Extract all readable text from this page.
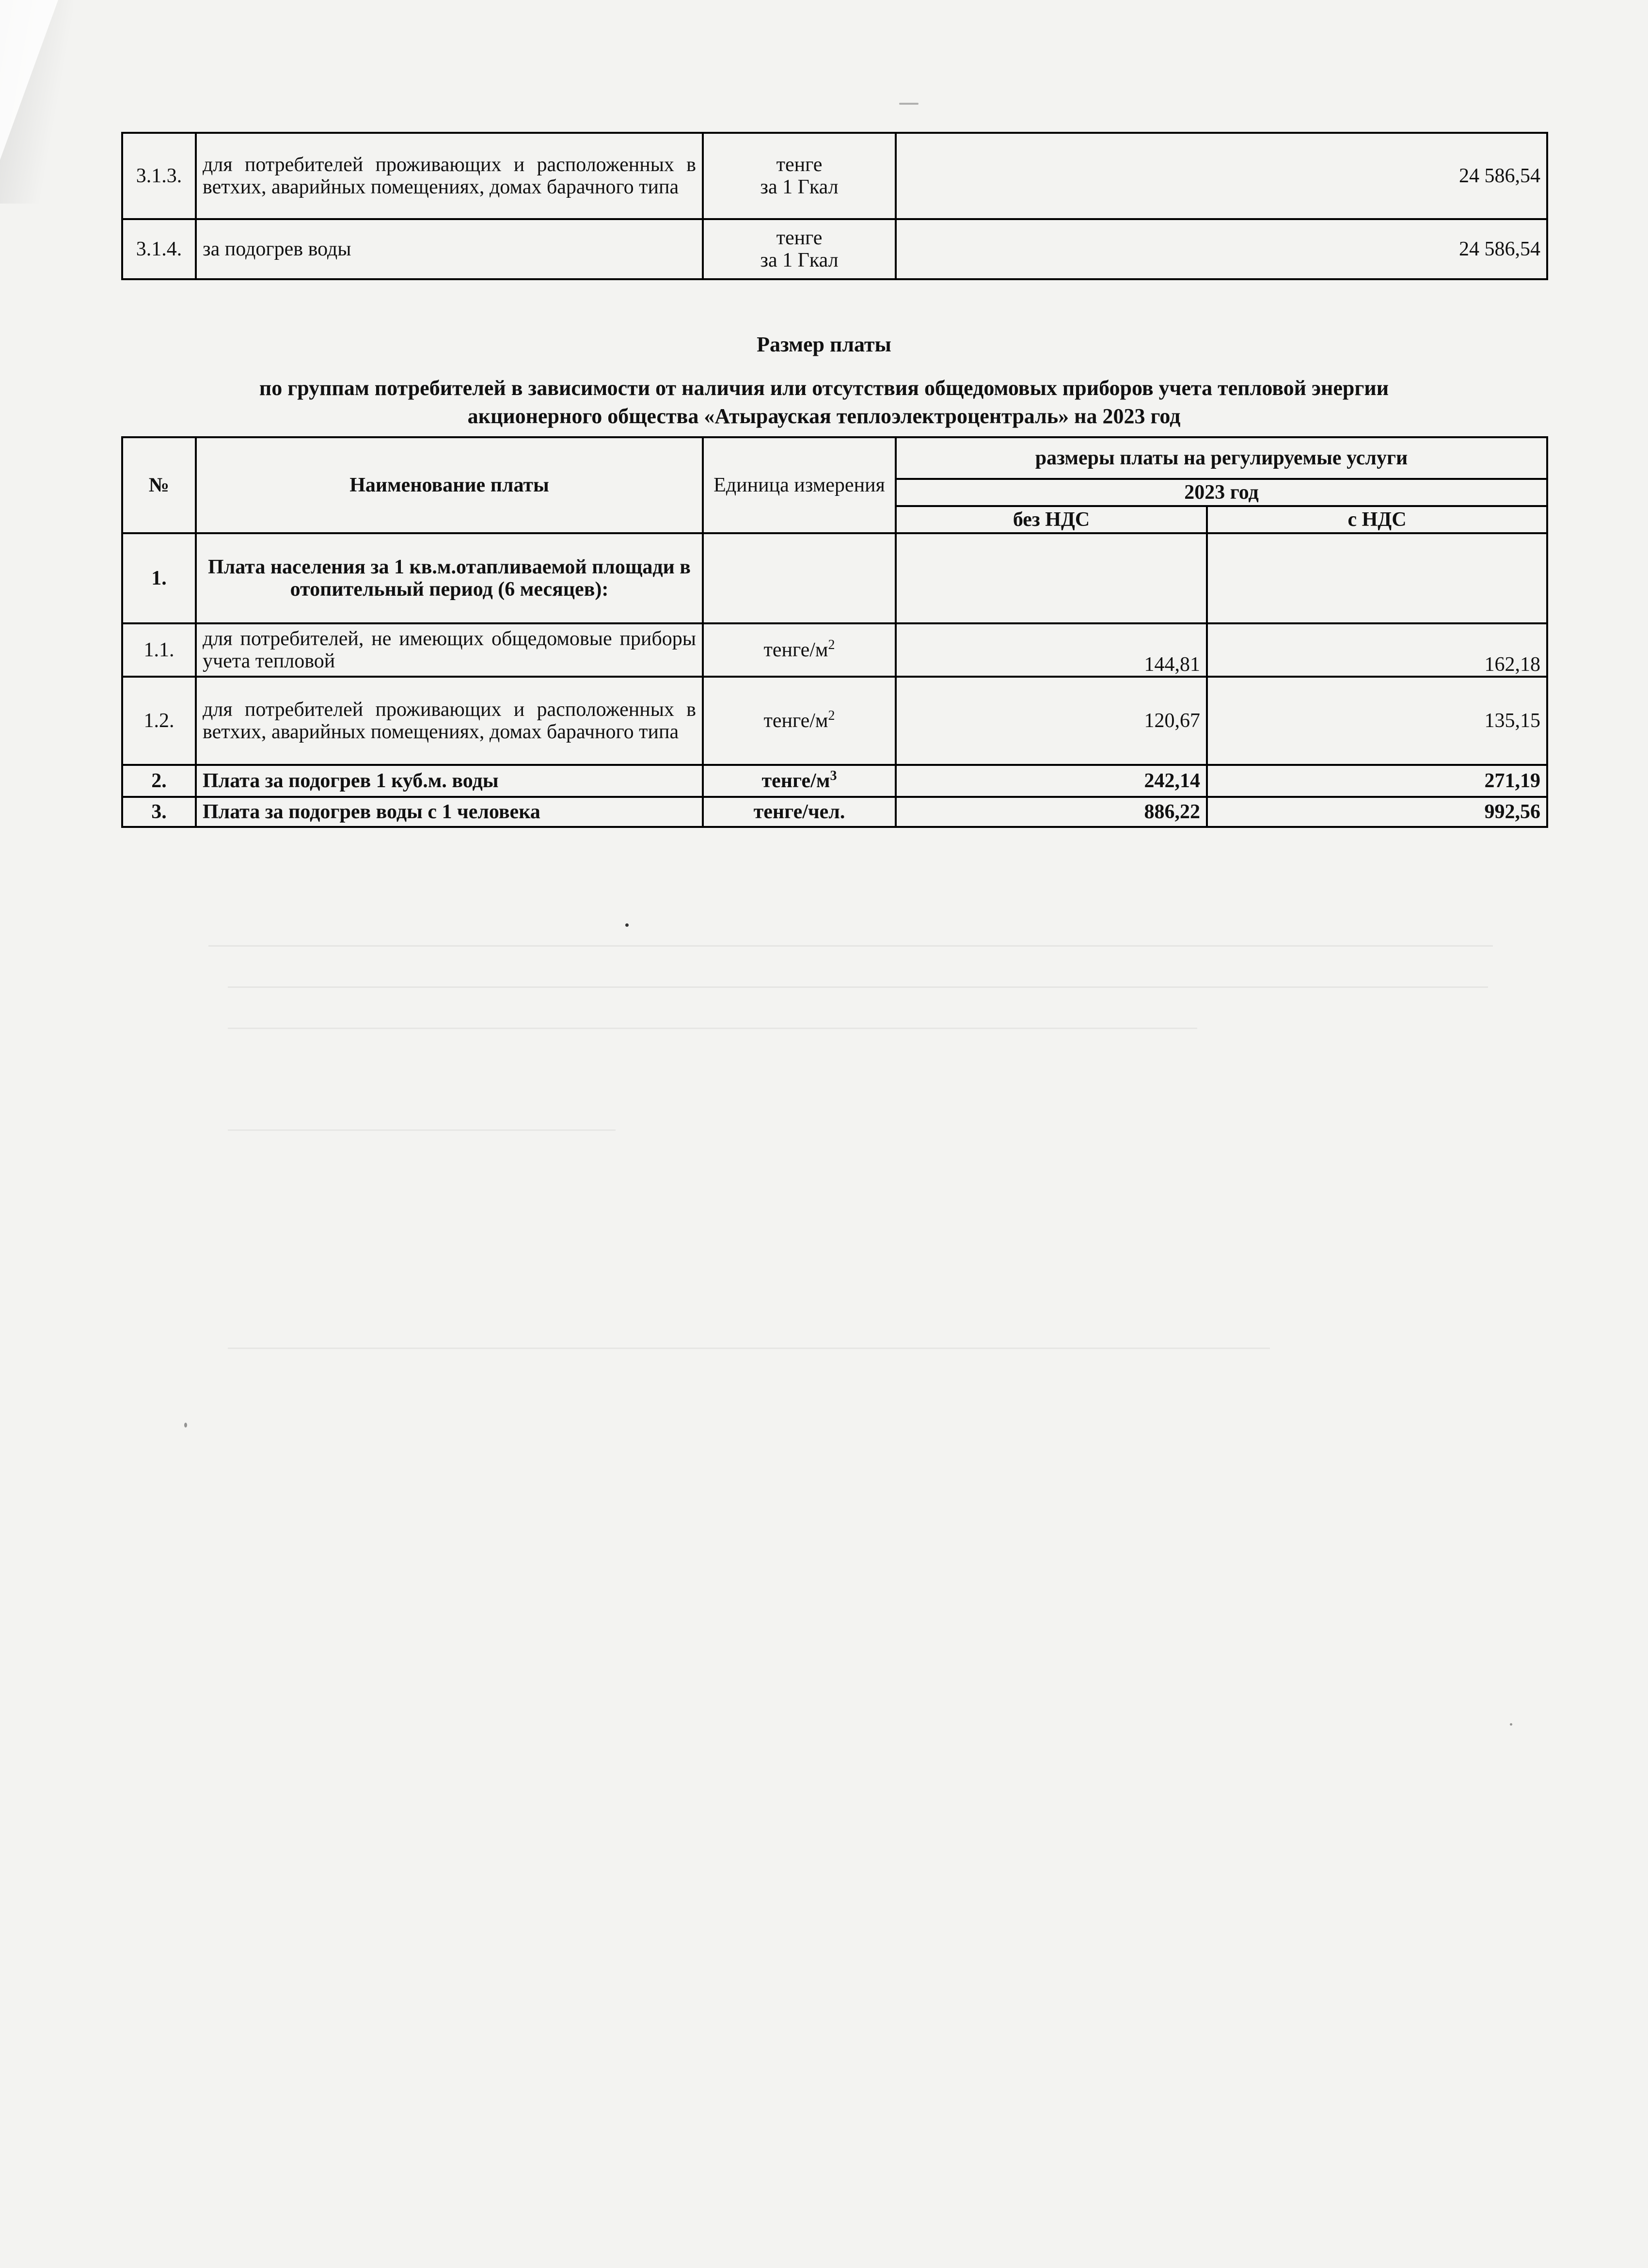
3.1.3.	для потребителей проживающих и расположенных в ветхих, аварийных помещениях, домах барачного типа	тенге
за 1 Гкал	24 586,54
3.1.4.	за подогрев воды	тенге
за 1 Гкал	24 586,54
Размер платы
по группам потребителей в зависимости от наличия или отсутствия общедомовых приборов учета тепловой энергии
акционерного общества «Атырауская теплоэлектроцентраль» на 2023 год
№	Наименование платы	Единица измерения	размеры платы на регулируемые услуги	
			2023 год	
			без НДС	с НДС
1.	Плата населения за 1 кв.м.отапливаемой площади в отопительный период (6 месяцев):			
1.1.	для потребителей, не имеющих общедомовые приборы учета тепловой	тенге/$м^2$	144,81	162,18
1.2.	для потребителей проживающих и расположенных в ветхих, аварийных помещениях, домах барачного типа	тенге/$м^2$	120,67	135,15
2.	Плата за подогрев 1 куб.м. воды	тенге/$м^3$	242,14	271,19
3.	Плата за подогрев воды с 1 человека	тенге/чел.	886,22	992,56
